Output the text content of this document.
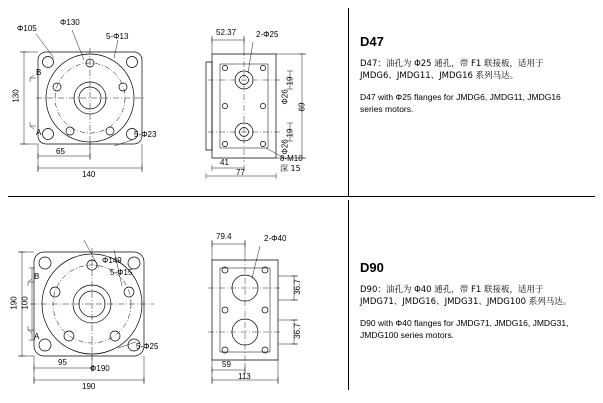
Φ105
Φ130
5-Φ13
5-Φ23
130
65
140
B
A
52.37 2-Φ25
Φ26
19
Φ26
19
69
41
77
8-M10
深 15
D47

D47：油孔为 Φ25 通孔，带 F1 联接板，适用于 JMDG6、JMDG11、JMDG16 系列马达。

D47 with Φ25 flanges for JMDG6, JMDG11, JMDG16 series motors.

Φ149
5-Φ15
5-Φ25
Φ190
190 100
95
190
B
A
79.4	2-Φ40
36.7
36.7
59
113
D90

D90：油孔为 Φ40 通孔，带 F1 联接板，适用于 JMDG71、JMDG16、JMDG31、JMDG100 系列马达。

D90 with Φ40 flanges for JMDG71, JMDG16, JMDG31, JMDG100 series motors.
